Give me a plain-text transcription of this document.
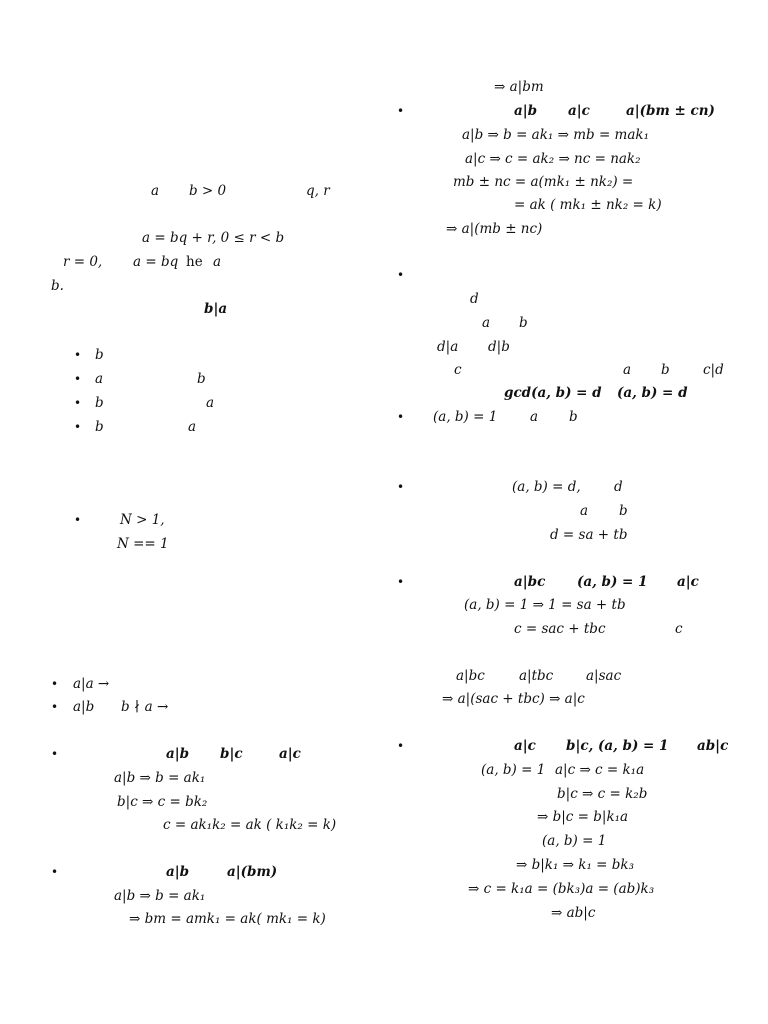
a b > 0	q, r
a = bq + r, 0 ≤ r < b
r = 0, a = bq he a
b.
b|a
• b
• a	b
• b	a
• b	a
•	N > 1,
N == 1
• a|a →
• a|b b ∤ a →
•	a|b b|c	a|c
a|b ⇒ b = ak₁
b|c ⇒ c = bk₂
c = ak₁k₂ = ak ( k₁k₂ = k)
•	a|b	a|(bm)
a|b ⇒ b = ak₁
⇒ bm = amk₁ = ak( mk₁ = k)
⇒ a|bm
•	a|b a|c	a|(bm ± cn)
a|b ⇒ b = ak₁ ⇒ mb = mak₁
a|c ⇒ c = ak₂ ⇒ nc = nak₂
mb ± nc = a(mk₁ ± nk₂) =
= ak ( mk₁ ± nk₂ = k)
⇒ a|(mb ± nc)
•
d
a b
d|a d|b
c	a b c|d
gcd(a, b) = d (a, b) = d
• (a, b) = 1 a b
•	(a, b) = d, d
a b
d = sa + tb
•	a|bc (a, b) = 1 a|c
(a, b) = 1 ⇒ 1 = sa + tb
c = sac + tbc	c
a|bc	a|tbc a|sac
⇒ a|(sac + tbc) ⇒ a|c
•	a|c b|c, (a, b) = 1 ab|c
(a, b) = 1 a|c ⇒ c = k₁a
b|c ⇒ c = k₂b
⇒ b|c = b|k₁a
(a, b) = 1
⇒ b|k₁ ⇒ k₁ = bk₃
⇒ c = k₁a = (bk₃)a = (ab)k₃
⇒ ab|c
